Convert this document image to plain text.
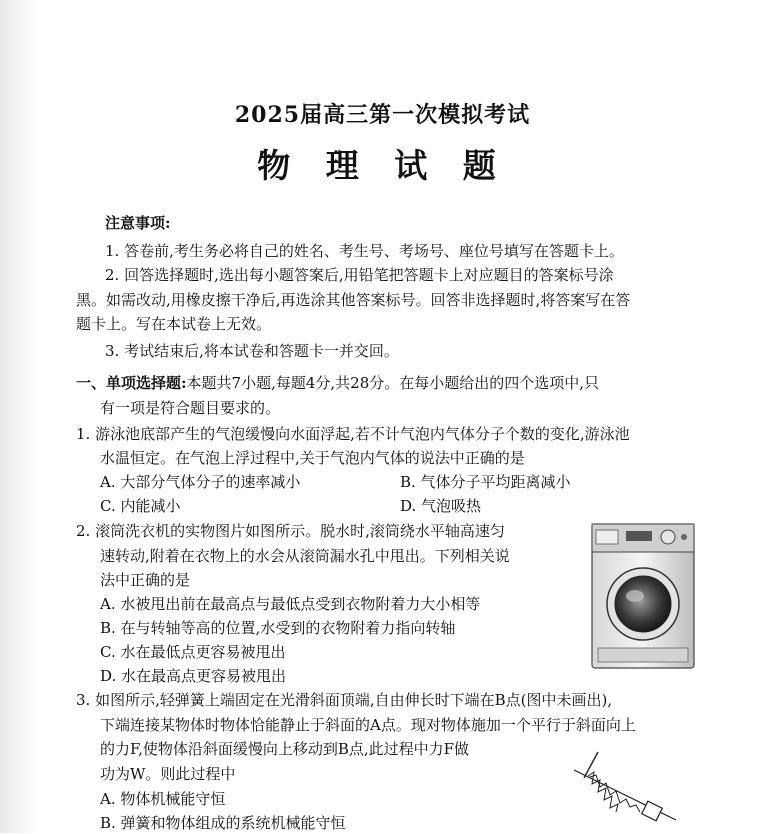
2025届高三第一次模拟考试
物 理 试 题
注意事项:
1. 答卷前,考生务必将自己的姓名、考生号、考场号、座位号填写在答题卡上。
2. 回答选择题时,选出每小题答案后,用铅笔把答题卡上对应题目的答案标号涂
黑。如需改动,用橡皮擦干净后,再选涂其他答案标号。回答非选择题时,将答案写在答
题卡上。写在本试卷上无效。
3. 考试结束后,将本试卷和答题卡一并交回。
一、单项选择题:本题共7小题,每题4分,共28分。在每小题给出的四个选项中,只
有一项是符合题目要求的。
1. 游泳池底部产生的气泡缓慢向水面浮起,若不计气泡内气体分子个数的变化,游泳池
水温恒定。在气泡上浮过程中,关于气泡内气体的说法中正确的是
A. 大部分气体分子的速率减小	B. 气体分子平均距离减小
C. 内能减小	D. 气泡吸热
2. 滚筒洗衣机的实物图片如图所示。脱水时,滚筒绕水平轴高速匀
速转动,附着在衣物上的水会从滚筒漏水孔中甩出。下列相关说
法中正确的是
A. 水被甩出前在最高点与最低点受到衣物附着力大小相等
B. 在与转轴等高的位置,水受到的衣物附着力指向转轴
C. 水在最低点更容易被甩出
D. 水在最高点更容易被甩出
3. 如图所示,轻弹簧上端固定在光滑斜面顶端,自由伸长时下端在B点(图中未画出),
下端连接某物体时物体恰能静止于斜面的A点。现对物体施加一个平行于斜面向上
的力F,使物体沿斜面缓慢向上移动到B点,此过程中力F做
功为W。则此过程中
A. 物体机械能守恒
B. 弹簧和物体组成的系统机械能守恒
